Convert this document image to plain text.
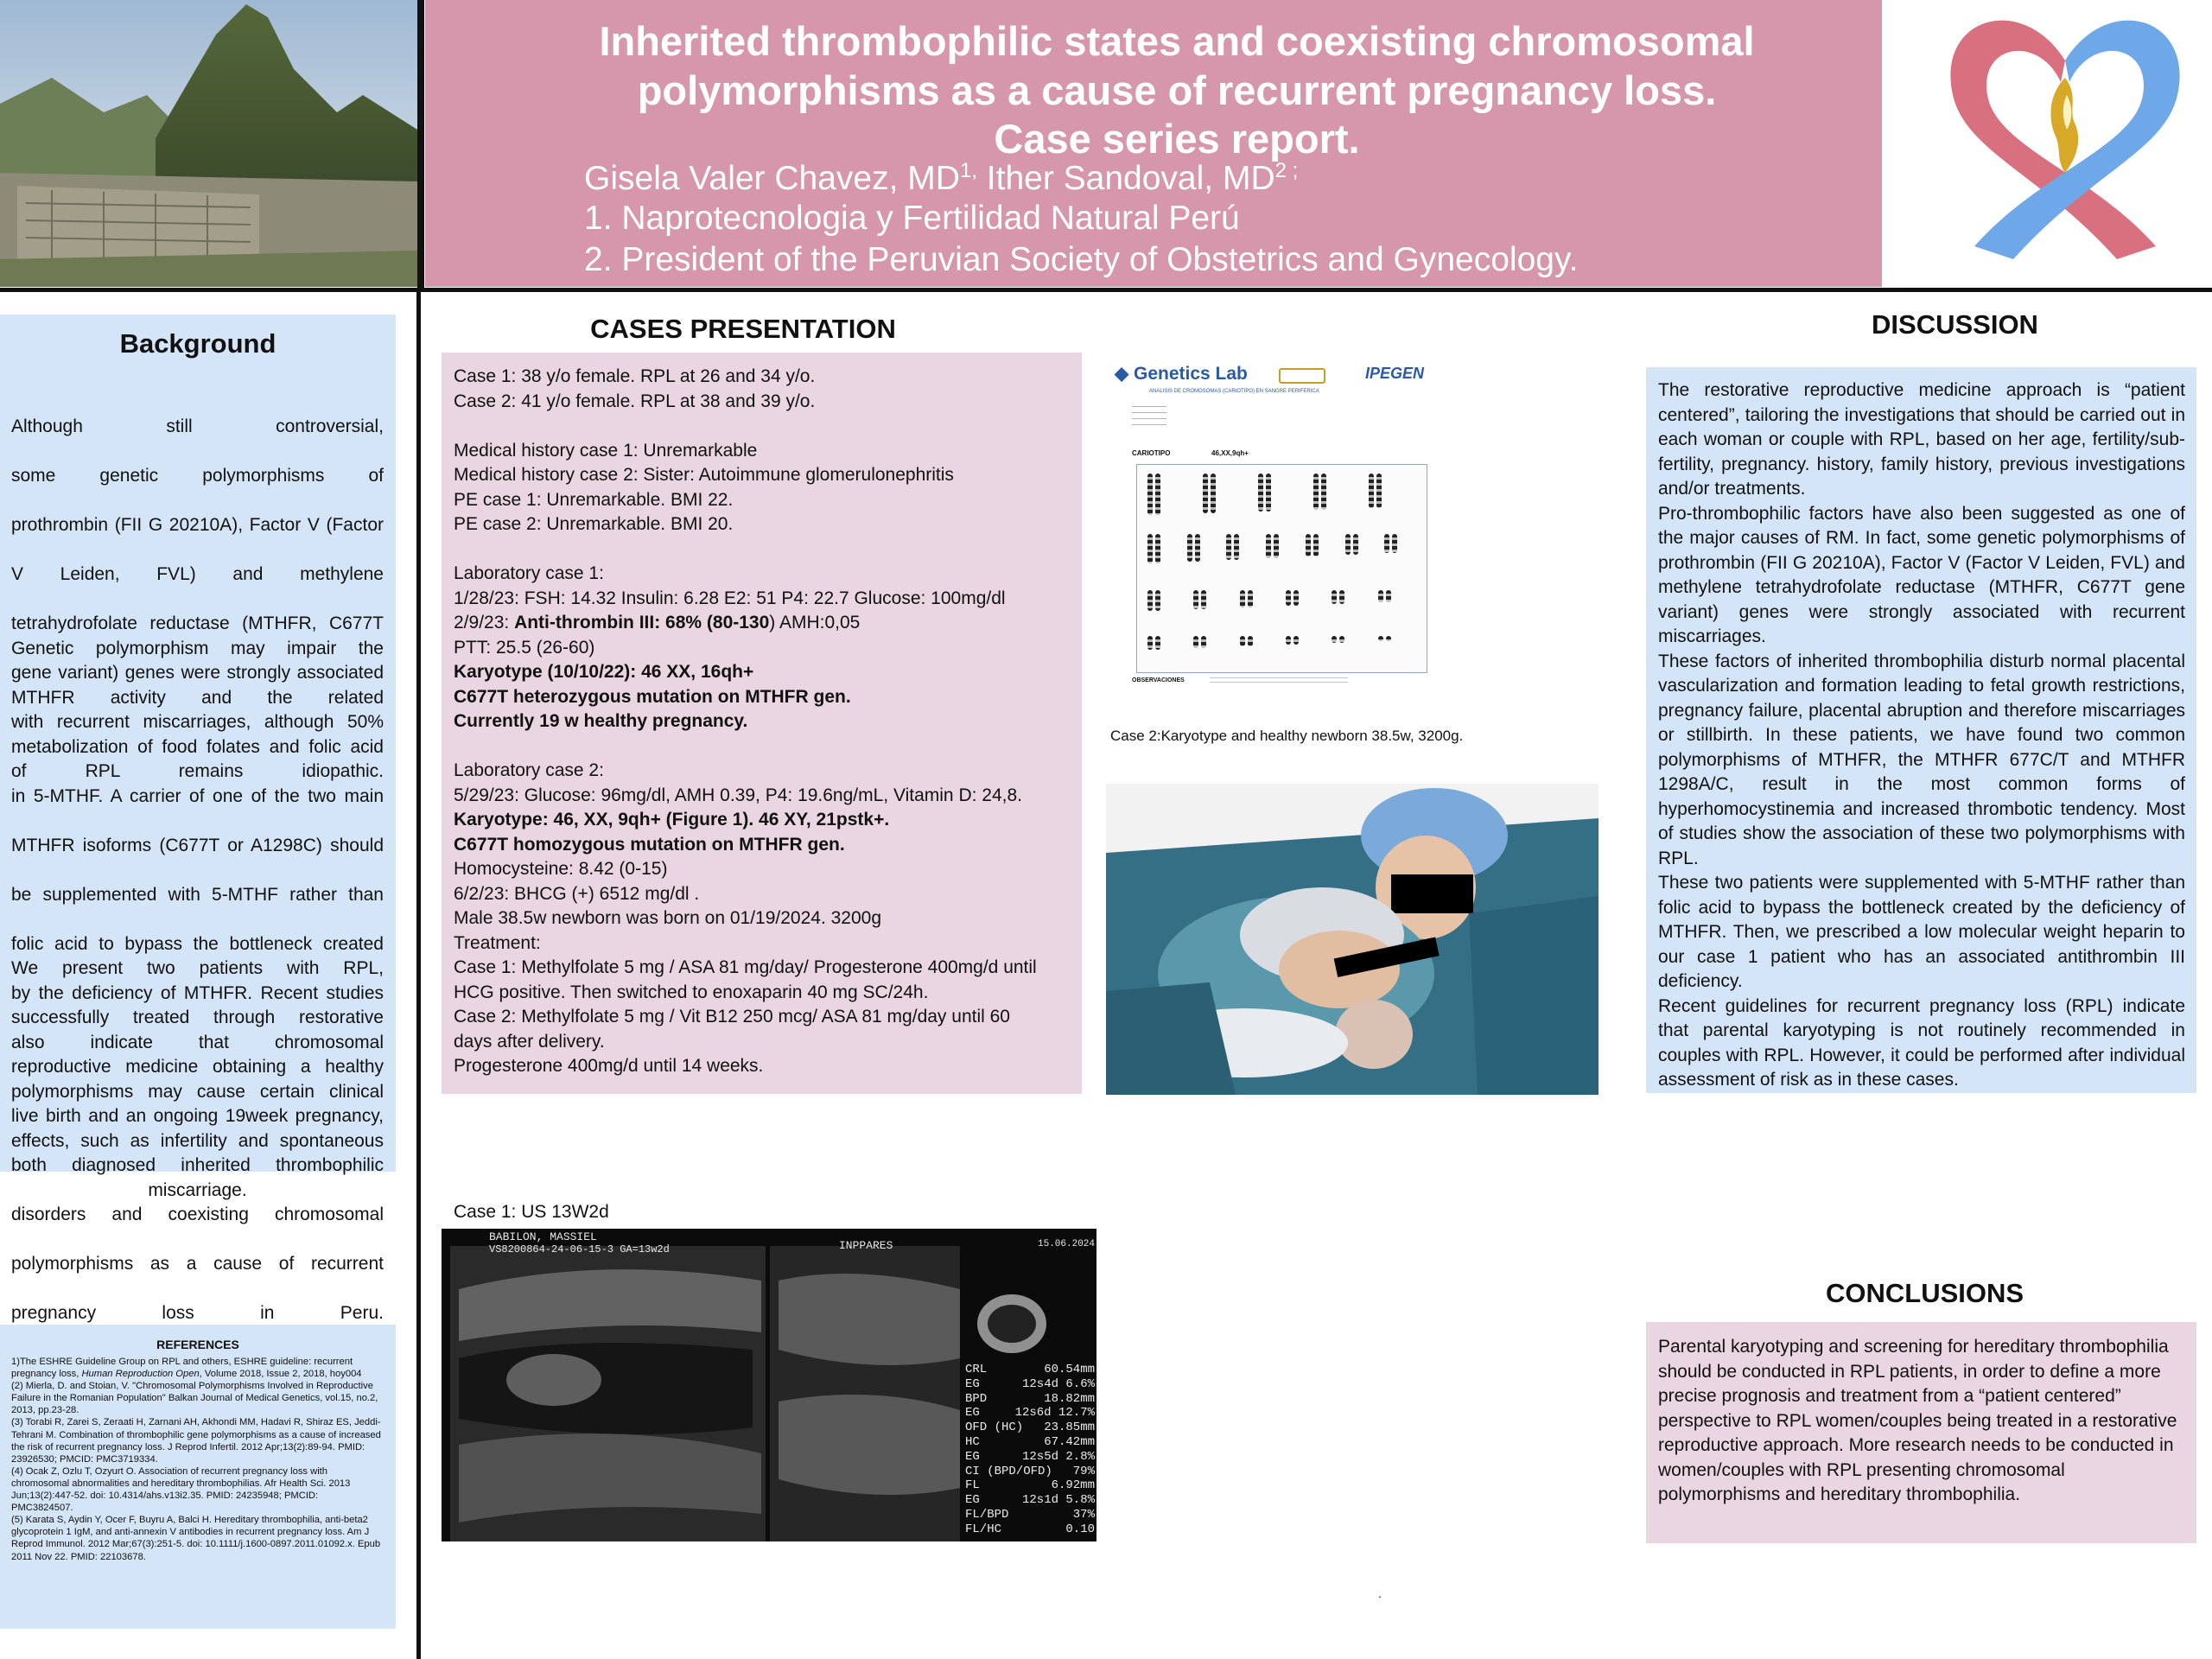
Inherited thrombophilic states and coexisting chromosomal
polymorphisms as a cause of recurrent pregnancy loss.
Case series report.
Gisela Valer Chavez, $MD^{1,}$ Ither Sandoval, $MD^{2 ;}$
1. Naprotecnologia y Fertilidad Natural Perú
2. President of the Peruvian Society of Obstetrics and Gynecology.
Background

Although still controversial,

some genetic polymorphisms of

prothrombin (FII G 20210A), Factor V (Factor

V Leiden, FVL) and methylene

tetrahydrofolate reductase (MTHFR, C677T

gene variant) genes were strongly associated

with recurrent miscarriages, although 50%

of RPL remains idiopathic.

Genetic polymorphism may impair the

MTHFR activity and the related

metabolization of food folates and folic acid

in 5-MTHF. A carrier of one of the two main

MTHFR isoforms (C677T or A1298C) should

be supplemented with 5-MTHF rather than

folic acid to bypass the bottleneck created

by the deficiency of MTHFR. Recent studies

also indicate that chromosomal

polymorphisms may cause certain clinical

effects, such as infertility and spontaneous

miscarriage.

We present two patients with RPL,

successfully treated through restorative

reproductive medicine obtaining a healthy

live birth and an ongoing 19week pregnancy,

both diagnosed inherited thrombophilic

disorders and coexisting chromosomal

polymorphisms as a cause of recurrent

pregnancy loss in Peru.

REFERENCES
1)The ESHRE Guideline Group on RPL and others, ESHRE guideline: recurrent pregnancy loss, Human Reproduction Open, Volume 2018, Issue 2, 2018, hoy004
(2) Mierla, D. and Stoian, V. "Chromosomal Polymorphisms Involved in Reproductive Failure in the Romanian Population" Balkan Journal of Medical Genetics, vol.15, no.2, 2013, pp.23-28.
(3) Torabi R, Zarei S, Zeraati H, Zarnani AH, Akhondi MM, Hadavi R, Shiraz ES, Jeddi-Tehrani M. Combination of thrombophilic gene polymorphisms as a cause of increased the risk of recurrent pregnancy loss. J Reprod Infertil. 2012 Apr;13(2):89-94. PMID: 23926530; PMCID: PMC3719334.
(4) Ocak Z, Ozlu T, Ozyurt O. Association of recurrent pregnancy loss with chromosomal abnormalities and hereditary thrombophilias. Afr Health Sci. 2013 Jun;13(2):447-52. doi: 10.4314/ahs.v13i2.35. PMID: 24235948; PMCID: PMC3824507.
(5) Karata S, Aydin Y, Ocer F, Buyru A, Balci H. Hereditary thrombophilia, anti-beta2 glycoprotein 1 IgM, and anti-annexin V antibodies in recurrent pregnancy loss. Am J Reprod Immunol. 2012 Mar;67(3):251-5. doi: 10.1111/j.1600-0897.2011.01092.x. Epub 2011 Nov 22. PMID: 22103678.
CASES PRESENTATION
Case 1: 38 y/o female. RPL at 26 and 34 y/o.
Case 2: 41 y/o female. RPL at 38 and 39 y/o.
Medical history case 1: Unremarkable
Medical history case 2: Sister: Autoimmune glomerulonephritis
PE case 1: Unremarkable. BMI 22.
PE case 2: Unremarkable. BMI 20.
Laboratory case 1:
1/28/23: FSH: 14.32 Insulin: 6.28 E2: 51 P4: 22.7 Glucose: 100mg/dl
2/9/23: Anti-thrombin III: 68% (80-130) AMH:0,05
PTT: 25.5 (26-60)
Karyotype (10/10/22): 46 XX, 16qh+
C677T heterozygous mutation on MTHFR gen.
Currently 19 w healthy pregnancy.
Laboratory case 2:
5/29/23: Glucose: 96mg/dl, AMH 0.39, P4: 19.6ng/mL, Vitamin D: 24,8.
Karyotype: 46, XX, 9qh+ (Figure 1). 46 XY, 21pstk+.
C677T homozygous mutation on MTHFR gen.
Homocysteine: 8.42 (0-15)
6/2/23: BHCG (+) 6512 mg/dl .
Male 38.5w newborn was born on 01/19/2024. 3200g
Treatment:
Case 1: Methylfolate 5 mg / ASA 81 mg/day/ Progesterone 400mg/d until
HCG positive. Then switched to enoxaparin 40 mg SC/24h.
Case 2: Methylfolate 5 mg / Vit B12 250 mcg/ ASA 81 mg/day until 60
days after delivery.
Progesterone 400mg/d until 14 weeks.
◆ Genetics Lab	IPEGEN
ANALISIS DE CROMOSOMAS (CARIOTIPO) EN SANGRE PERIFERICA
CARIOTIPO	46,XX,9qh+
OBSERVACIONES
Case 2:Karyotype and healthy newborn 38.5w, 3200g.
Case 1: US 13W2d
BABILON, MASSIEL
VS8200864-24-06-15-3 GA=13w2d	INPPARES	15.06.2024
CRL	60.54mm
EG	12s4d 6.6%
BPD	18.82mm
EG	12s6d 12.7%
OFD (HC) 23.85mm
HC	67.42mm
EG	12s5d 2.8%
CI (BPD/OFD) 79%
FL	6.92mm
EG	12s1d 5.8%
FL/BPD	37%
FL/HC	0.10
DISCUSSION

The restorative reproductive medicine approach is “patient centered”, tailoring the investigations that should be carried out in each woman or couple with RPL, based on her age, fertility/sub-fertility, pregnancy. history, family history, previous investigations and/or treatments.

Pro-thrombophilic factors have also been suggested as one of the major causes of RM. In fact, some genetic polymorphisms of prothrombin (FII G 20210A), Factor V (Factor V Leiden, FVL) and methylene tetrahydrofolate reductase (MTHFR, C677T gene variant) genes were strongly associated with recurrent miscarriages.

These factors of inherited thrombophilia disturb normal placental vascularization and formation leading to fetal growth restrictions, pregnancy failure, placental abruption and therefore miscarriages or stillbirth. In these patients, we have found two common polymorphisms of MTHFR, the MTHFR 677C/T and MTHFR 1298A/C, result in the most common forms of hyperhomocystinemia and increased thrombotic tendency. Most of studies show the association of these two polymorphisms with RPL.

These two patients were supplemented with 5-MTHF rather than folic acid to bypass the bottleneck created by the deficiency of MTHFR. Then, we prescribed a low molecular weight heparin to our case 1 patient who has an associated antithrombin III deficiency.

Recent guidelines for recurrent pregnancy loss (RPL) indicate that parental karyotyping is not routinely recommended in couples with RPL. However, it could be performed after individual assessment of risk as in these cases.

CONCLUSIONS

Parental karyotyping and screening for hereditary thrombophilia should be conducted in RPL patients, in order to define a more precise prognosis and treatment from a “patient centered” perspective to RPL women/couples being treated in a restorative reproductive approach. More research needs to be conducted in women/couples with RPL presenting chromosomal polymorphisms and hereditary thrombophilia.

.
